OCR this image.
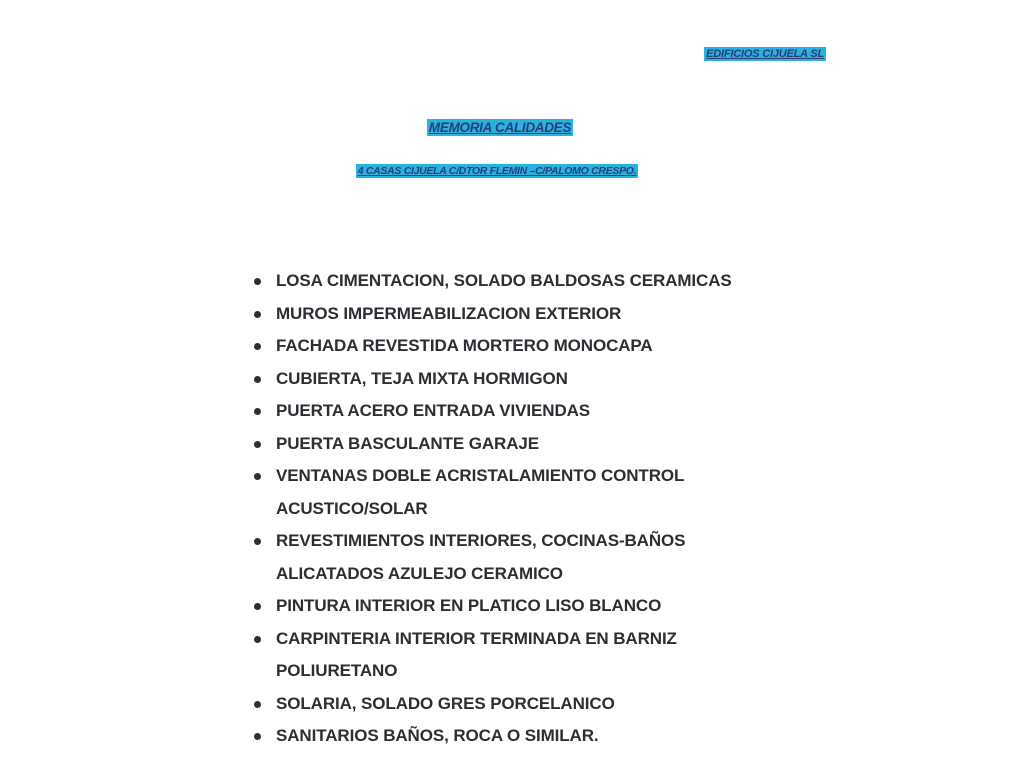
EDIFICIOS CIJUELA SL
MEMORIA CALIDADES
4 CASAS CIJUELA C/DTOR FLEMIN –C/PALOMO CRESPO.
LOSA CIMENTACION, SOLADO BALDOSAS CERAMICAS
MUROS IMPERMEABILIZACION EXTERIOR
FACHADA REVESTIDA MORTERO MONOCAPA
CUBIERTA, TEJA MIXTA HORMIGON
PUERTA ACERO ENTRADA VIVIENDAS
PUERTA BASCULANTE GARAJE
VENTANAS DOBLE ACRISTALAMIENTO CONTROL
ACUSTICO/SOLAR
REVESTIMIENTOS INTERIORES, COCINAS-BAÑOS
ALICATADOS AZULEJO CERAMICO
PINTURA INTERIOR EN PLATICO LISO BLANCO
CARPINTERIA INTERIOR TERMINADA EN BARNIZ
POLIURETANO
SOLARIA, SOLADO GRES PORCELANICO
SANITARIOS BAÑOS, ROCA O SIMILAR.
